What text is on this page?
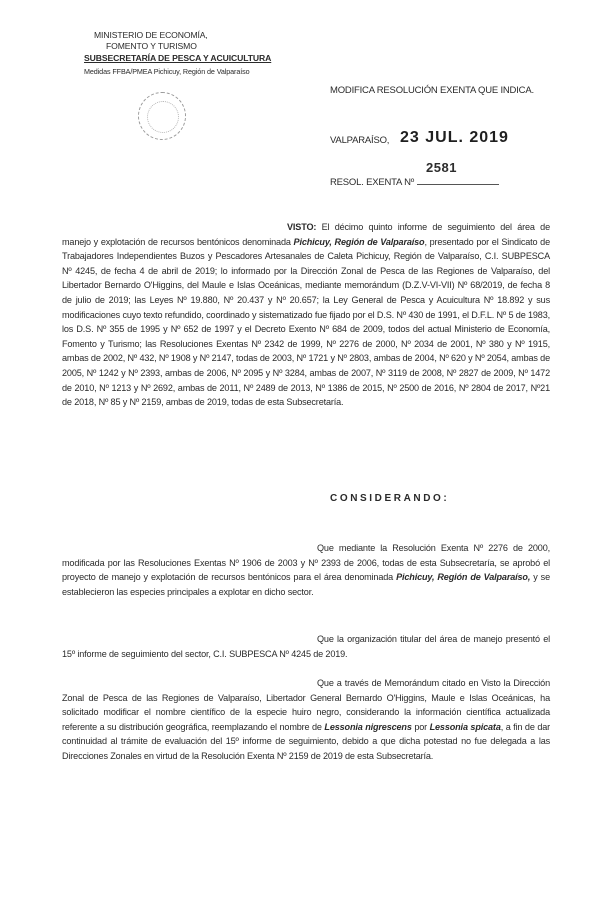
MINISTERIO DE ECONOMÍA,
FOMENTO Y TURISMO
SUBSECRETARÍA DE PESCA Y ACUICULTURA
Medidas FFBA/PMEA Pichicuy, Región de Valparaíso
MODIFICA RESOLUCIÓN EXENTA QUE INDICA.
VALPARAÍSO, 23 JUL. 2019
2581
RESOL. EXENTA Nº

VISTO: El décimo quinto informe de seguimiento del área de manejo y explotación de recursos bentónicos denominada Pichicuy, Región de Valparaíso, presentado por el Sindicato de Trabajadores Independientes Buzos y Pescadores Artesanales de Caleta Pichicuy, Región de Valparaíso, C.I. SUBPESCA Nº 4245, de fecha 4 de abril de 2019; lo informado por la Dirección Zonal de Pesca de las Regiones de Valparaíso, del Libertador Bernardo O'Higgins, del Maule e Islas Oceánicas, mediante memorándum (D.Z.V-VI-VII) Nº 68/2019, de fecha 8 de julio de 2019; las Leyes Nº 19.880, Nº 20.437 y Nº 20.657; la Ley General de Pesca y Acuicultura Nº 18.892 y sus modificaciones cuyo texto refundido, coordinado y sistematizado fue fijado por el D.S. Nº 430 de 1991, el D.F.L. Nº 5 de 1983, los D.S. Nº 355 de 1995 y Nº 652 de 1997 y el Decreto Exento Nº 684 de 2009, todos del actual Ministerio de Economía, Fomento y Turismo; las Resoluciones Exentas Nº 2342 de 1999, Nº 2276 de 2000, Nº 2034 de 2001, Nº 380 y Nº 1915, ambas de 2002, Nº 432, Nº 1908 y Nº 2147, todas de 2003, Nº 1721 y Nº 2803, ambas de 2004, Nº 620 y Nº 2054, ambas de 2005, Nº 1242 y Nº 2393, ambas de 2006, Nº 2095 y Nº 3284, ambas de 2007, Nº 3119 de 2008, Nº 2827 de 2009, Nº 1472 de 2010, Nº 1213 y Nº 2692, ambas de 2011, Nº 2489 de 2013, Nº 1386 de 2015, Nº 2500 de 2016, Nº 2804 de 2017, Nº21 de 2018, Nº 85 y Nº 2159, ambas de 2019, todas de esta Subsecretaría.

CONSIDERANDO:

Que mediante la Resolución Exenta Nº 2276 de 2000, modificada por las Resoluciones Exentas Nº 1906 de 2003 y Nº 2393 de 2006, todas de esta Subsecretaría, se aprobó el proyecto de manejo y explotación de recursos bentónicos para el área denominada Pichicuy, Región de Valparaíso, y se establecieron las especies principales a explotar en dicho sector.

Que la organización titular del área de manejo presentó el 15º informe de seguimiento del sector, C.I. SUBPESCA Nº 4245 de 2019.

Que a través de Memorándum citado en Visto la Dirección Zonal de Pesca de las Regiones de Valparaíso, Libertador General Bernardo O'Higgins, Maule e Islas Oceánicas, ha solicitado modificar el nombre científico de la especie huiro negro, considerando la información científica actualizada referente a su distribución geográfica, reemplazando el nombre de Lessonia nigrescens por Lessonia spicata, a fin de dar continuidad al trámite de evaluación del 15º informe de seguimiento, debido a que dicha potestad no fue delegada a las Direcciones Zonales en virtud de la Resolución Exenta Nº 2159 de 2019 de esta Subsecretaría.
